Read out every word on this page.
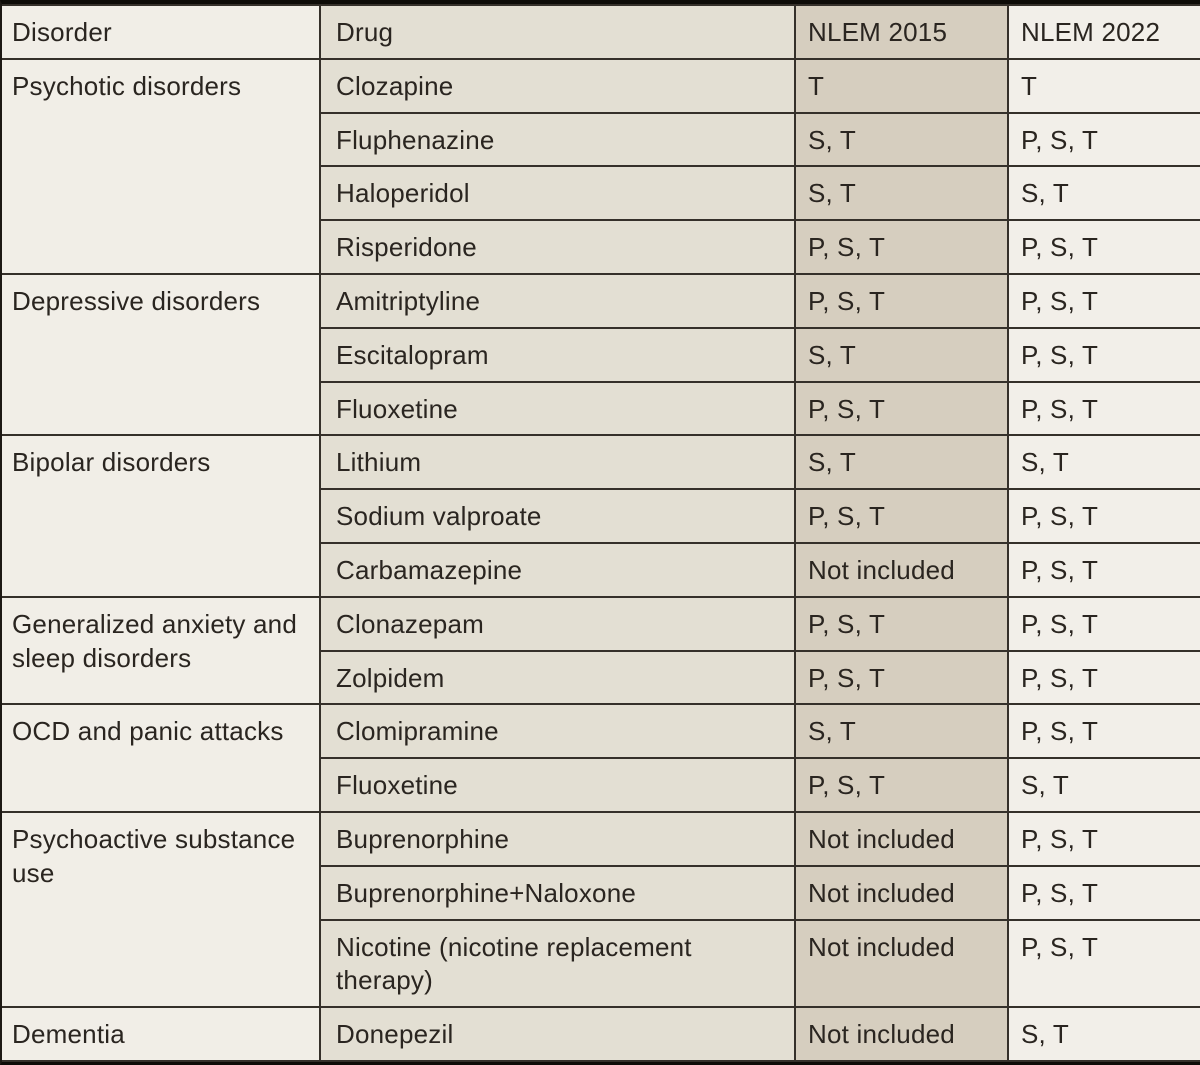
Disorder	Drug	NLEM 2015	NLEM 2022
Psychotic disorders	Clozapine	T	T
	Fluphenazine	S, T	P, S, T
	Haloperidol	S, T	S, T
	Risperidone	P, S, T	P, S, T
Depressive disorders	Amitriptyline	P, S, T	P, S, T
	Escitalopram	S, T	P, S, T
	Fluoxetine	P, S, T	P, S, T
Bipolar disorders	Lithium	S, T	S, T
	Sodium valproate	P, S, T	P, S, T
	Carbamazepine	Not included	P, S, T
Generalized anxiety and sleep disorders	Clonazepam	P, S, T	P, S, T
	Zolpidem	P, S, T	P, S, T
OCD and panic attacks	Clomipramine	S, T	P, S, T
	Fluoxetine	P, S, T	S, T
Psychoactive substance use	Buprenorphine	Not included	P, S, T
	Buprenorphine+Naloxone	Not included	P, S, T
	Nicotine (nicotine replacement therapy)	Not included	P, S, T
Dementia	Donepezil	Not included	S, T
